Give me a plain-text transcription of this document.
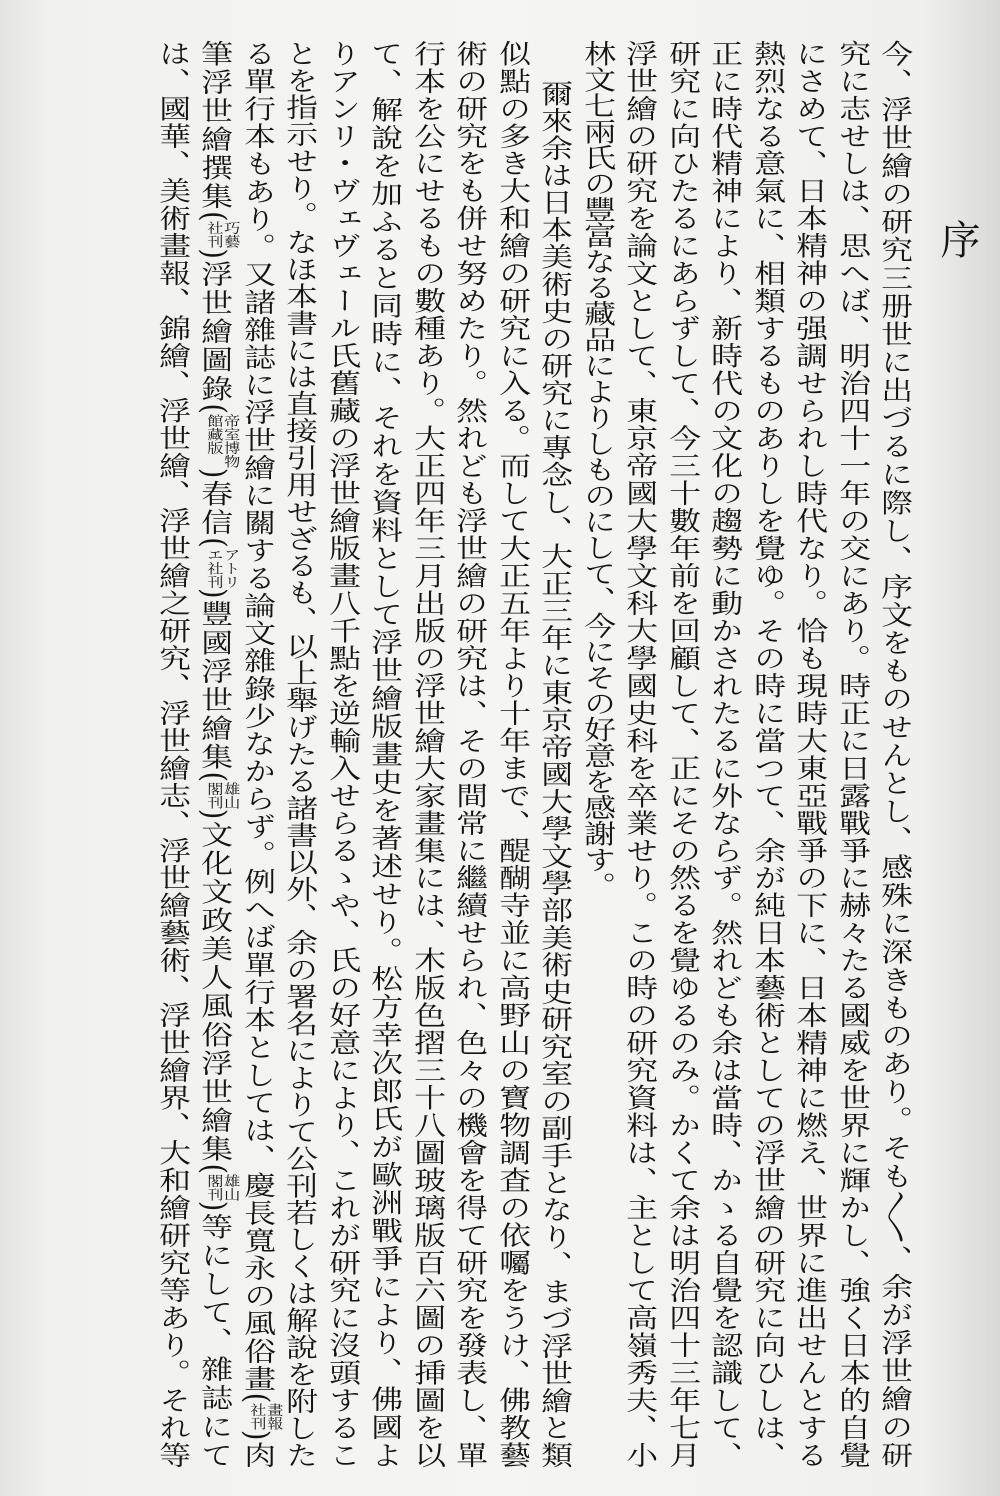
序
今、浮世繪の研究三册世に出づるに際し、序文をものせんとし、感殊に深きものあり。そも〱、余が浮世繪の研
究に志せしは、思へば、明治四十一年の交にあり。時正に日露戰爭に赫々たる國威を世界に輝かし、強く日本的自覺
にさめて、日本精神の强調せられし時代なり。恰も現時大東亞戰爭の下に、日本精神に燃え、世界に進出せんとする
熱烈なる意氣に、相類するものありしを覺ゆ。その時に當つて、余が純日本藝術としての浮世繪の研究に向ひしは、
正に時代精神により、新時代の文化の趨勢に動かされたるに外ならず。然れども余は當時、かゝる自覺を認識して、
研究に向ひたるにあらずして、今三十數年前を回顧して、正にその然るを覺ゆるのみ。かくて余は明治四十三年七月
浮世繪の研究を論文として、東京帝國大學文科大學國史科を卒業せり。この時の研究資料は、主として高嶺秀夫、小
林文七兩氏の豐富なる藏品によりしものにして、今にその好意を感謝す。
爾來余は日本美術史の研究に專念し、大正三年に東京帝國大學文學部美術史研究室の副手となり、まづ浮世繪と類
似點の多き大和繪の研究に入る。而して大正五年より十年まで、醍醐寺並に高野山の寶物調査の依囑をうけ、佛教藝
術の研究をも併せ努めたり。然れども浮世繪の研究は、その間常に繼續せられ、色々の機會を得て研究を發表し、單
行本を公にせるもの數種あり。大正四年三月出版の浮世繪大家畫集には、木版色摺三十八圖玻璃版百六圖の挿圖を以
て、解說を加ふると同時に、それを資料として浮世繪版畫史を著述せり。松方幸次郎氏が歐洲戰爭により、佛國よ
りアンリ・ヴェヴェール氏舊藏の浮世繪版畫八千點を逆輸入せらるゝや、氏の好意により、これが研究に沒頭するこ
とを指示せり。なほ本書には直接引用せざるも、以上舉げたる諸書以外、余の署名によりて公刊若しくは解說を附した
る單行本もあり。又諸雜誌に浮世繪に關する論文雜錄少なからず。例へば單行本としては、慶長寬永の風俗畫(
畫報
社刊
)肉
筆浮世繪撰集(
巧藝
社刊
)浮世繪圖錄(
帝室博物
館藏版
)春信(
アトリ
エ社刊
)豐國浮世繪集(
雄山
閣刊
)文化文政美人風俗浮世繪集(
雄山
閣刊
)等にして、雜誌にて
は、國華、美術畫報、錦繪、浮世繪、浮世繪之研究、浮世繪志、浮世繪藝術、浮世繪界、大和繪研究等あり。それ等
